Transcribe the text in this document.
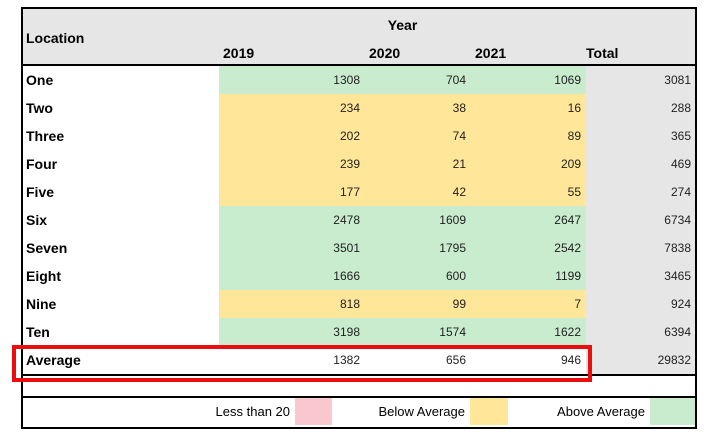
Location
Year
2019	2020	2021	Total
One	1308	704	1069	3081
Two	234	38	16	288
Three	202	74	89	365
Four	239	21	209	469
Five	177	42	55	274
Six	2478	1609	2647	6734
Seven	3501	1795	2542	7838
Eight	1666	600	1199	3465
Nine	818	99	7	924
Ten	3198	1574	1622	6394
Average	1382	656	946	29832
Less than 20	Below Average	Above Average
